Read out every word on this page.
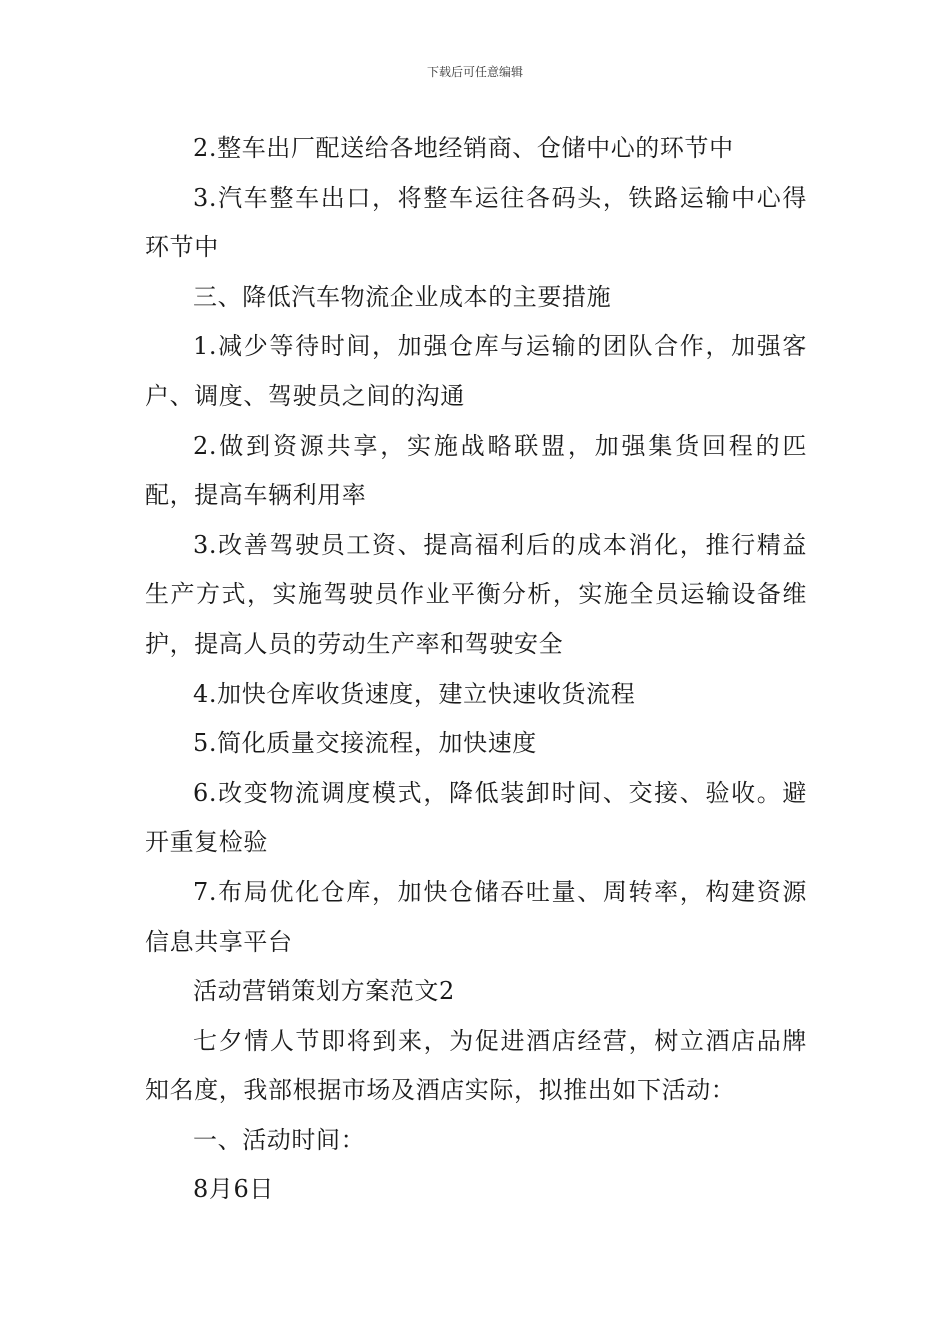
下载后可任意编辑

2.整车出厂配送给各地经销商、仓储中心的环节中

3.汽车整车出口，将整车运往各码头，铁路运输中心得环节中

三、降低汽车物流企业成本的主要措施

1.减少等待时间，加强仓库与运输的团队合作，加强客户、调度、驾驶员之间的沟通

2.做到资源共享，实施战略联盟，加强集货回程的匹配，提高车辆利用率

3.改善驾驶员工资、提高福利后的成本消化，推行精益生产方式，实施驾驶员作业平衡分析，实施全员运输设备维护，提高人员的劳动生产率和驾驶安全

4.加快仓库收货速度，建立快速收货流程

5.简化质量交接流程，加快速度

6.改变物流调度模式，降低装卸时间、交接、验收。避开重复检验

7.布局优化仓库，加快仓储吞吐量、周转率，构建资源信息共享平台

活动营销策划方案范文2

七夕情人节即将到来，为促进酒店经营，树立酒店品牌知名度，我部根据市场及酒店实际，拟推出如下活动：

一、活动时间：

8月6日
